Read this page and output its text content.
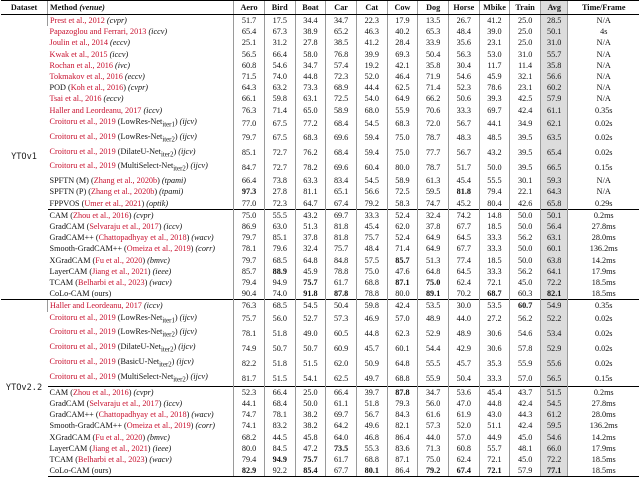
Dataset	Method (venue)	Aero	Bird	Boat	Car	Cat	Cow	Dog	Horse	Mbike	Train	Avg	Time/Frame
YTOv1	Prest et al., 2012 (cvpr)	51.7	17.5	34.4	34.7	22.3	17.9	13.5	26.7	41.2	25.0	28.5	N/A
	Papazoglou and Ferrari, 2013 (iccv)	65.4	67.3	38.9	65.2	46.3	40.2	65.3	48.4	39.0	25.0	50.1	4s
	Joulin et al., 2014 (eccv)	25.1	31.2	27.8	38.5	41.2	28.4	33.9	35.6	23.1	25.0	31.0	N/A
	Kwak et al., 2015 (iccv)	56.5	66.4	58.0	76.8	39.9	69.3	50.4	56.3	53.0	31.0	55.7	N/A
	Rochan et al., 2016 (ivc)	60.8	54.6	34.7	57.4	19.2	42.1	35.8	30.4	11.7	11.4	35.8	N/A
	Tokmakov et al., 2016 (eccv)	71.5	74.0	44.8	72.3	52.0	46.4	71.9	54.6	45.9	32.1	56.6	N/A
	POD (Koh et al., 2016) (cvpr)	64.3	63.2	73.3	68.9	44.4	62.5	71.4	52.3	78.6	23.1	60.2	N/A
	Tsai et al., 2016 (eccv)	66.1	59.8	63.1	72.5	54.0	64.9	66.2	50.6	39.3	42.5	57.9	N/A
	Haller and Leordeanu, 2017 (iccv)	76.3	71.4	65.0	58.9	68.0	55.9	70.6	33.3	69.7	42.4	61.1	0.35s
	Croitoru et al., 2019 (LowRes-Net$_{iter1}$) (ijcv)	77.0	67.5	77.2	68.4	54.5	68.3	72.0	56.7	44.1	34.9	62.1	0.02s
	Croitoru et al., 2019 (LowRes-Net$_{iter2}$) (ijcv)	79.7	67.5	68.3	69.6	59.4	75.0	78.7	48.3	48.5	39.5	63.5	0.02s
	Croitoru et al., 2019 (DilateU-Net$_{iter2}$) (ijcv)	85.1	72.7	76.2	68.4	59.4	75.0	77.7	56.7	43.2	39.5	65.4	0.02s
	Croitoru et al., 2019 (MultiSelect-Net$_{iter2}$) (ijcv)	84.7	72.7	78.2	69.6	60.4	80.0	78.7	51.7	50.0	39.5	66.5	0.15s
	SPFTN (M) (Zhang et al., 2020b) (tpami)	66.4	73.8	63.3	83.4	54.5	58.9	61.3	45.4	55.5	30.1	59.3	N/A
	SPFTN (P) (Zhang et al., 2020b) (tpami)	97.3	27.8	81.1	65.1	56.6	72.5	59.5	81.8	79.4	22.1	64.3	N/A
	FPPVOS (Umer et al., 2021) (optik)	77.0	72.3	64.7	67.4	79.2	58.3	74.7	45.2	80.4	42.6	65.8	0.29s
	CAM (Zhou et al., 2016) (cvpr)	75.0	55.5	43.2	69.7	33.3	52.4	32.4	74.2	14.8	50.0	50.1	0.2ms
	GradCAM (Selvaraju et al., 2017) (iccv)	86.9	63.0	51.3	81.8	45.4	62.0	37.8	67.7	18.5	50.0	56.4	27.8ms
	GradCAM++ (Chattopadhyay et al., 2018) (wacv)	79.7	85.1	37.8	81.8	75.7	52.4	64.9	64.5	33.3	56.2	63.1	28.0ms
	Smooth-GradCAM++ (Omeiza et al., 2019) (corr)	78.1	79.6	32.4	75.7	48.4	71.4	64.9	67.7	33.3	50.0	60.1	136.2ms
	XGradCAM (Fu et al., 2020) (bmvc)	79.7	68.5	64.8	84.8	57.5	85.7	51.3	77.4	18.5	50.0	63.8	14.2ms
	LayerCAM (Jiang et al., 2021) (ieee)	85.7	88.9	45.9	78.8	75.0	47.6	64.8	64.5	33.3	56.2	64.1	17.9ms
	TCAM (Belharbi et al., 2023) (wacv)	79.4	94.9	75.7	61.7	68.8	87.1	75.0	62.4	72.1	45.0	72.2	18.5ms
	CoLo-CAM (ours)	90.4	74.0	91.8	87.8	78.8	80.0	89.1	70.2	68.7	60.3	82.1	18.5ms
YTOv2.2	Haller and Leordeanu, 2017 (iccv)	76.3	68.5	54.5	50.4	59.8	42.4	53.5	30.0	53.5	60.7	54.9	0.35s
	Croitoru et al., 2019 (LowRes-Net$_{iter1}$) (ijcv)	75.7	56.0	52.7	57.3	46.9	57.0	48.9	44.0	27.2	56.2	52.2	0.02s
	Croitoru et al., 2019 (LowRes-Net$_{iter2}$) (ijcv)	78.1	51.8	49.0	60.5	44.8	62.3	52.9	48.9	30.6	54.6	53.4	0.02s
	Croitoru et al., 2019 (DilateU-Net$_{iter2}$) (ijcv)	74.9	50.7	50.7	60.9	45.7	60.1	54.4	42.9	30.6	57.8	52.9	0.02s
	Croitoru et al., 2019 (BasicU-Net$_{iter2}$) (ijcv)	82.2	51.8	51.5	62.0	50.9	64.8	55.5	45.7	35.3	55.9	55.6	0.02s
	Croitoru et al., 2019 (MultiSelect-Net$_{iter2}$) (ijcv)	81.7	51.5	54.1	62.5	49.7	68.8	55.9	50.4	33.3	57.0	56.5	0.15s
	CAM (Zhou et al., 2016) (cvpr)	52.3	66.4	25.0	66.4	39.7	87.8	34.7	53.6	45.4	43.7	51.5	0.2ms
	GradCAM (Selvaraju et al., 2017) (iccv)	44.1	68.4	50.0	61.1	51.8	79.3	56.0	47.0	44.8	42.4	54.5	27.8ms
	GradCAM++ (Chattopadhyay et al., 2018) (wacv)	74.7	78.1	38.2	69.7	56.7	84.3	61.6	61.9	43.0	44.3	61.2	28.0ms
	Smooth-GradCAM++ (Omeiza et al., 2019) (corr)	74.1	83.2	38.2	64.2	49.6	82.1	57.3	52.0	51.1	42.4	59.5	136.2ms
	XGradCAM (Fu et al., 2020) (bmvc)	68.2	44.5	45.8	64.0	46.8	86.4	44.0	57.0	44.9	45.0	54.6	14.2ms
	LayerCAM (Jiang et al., 2021) (ieee)	80.0	84.5	47.2	73.5	55.3	83.6	71.3	60.8	55.7	48.1	66.0	17.9ms
	TCAM (Belharbi et al., 2023) (wacv)	79.4	94.9	75.7	61.7	68.8	87.1	75.0	62.4	72.1	45.0	72.2	18.5ms
	CoLo-CAM (ours)	82.9	92.2	85.4	67.7	80.1	86.4	79.2	67.4	72.1	57.9	77.1	18.5ms
